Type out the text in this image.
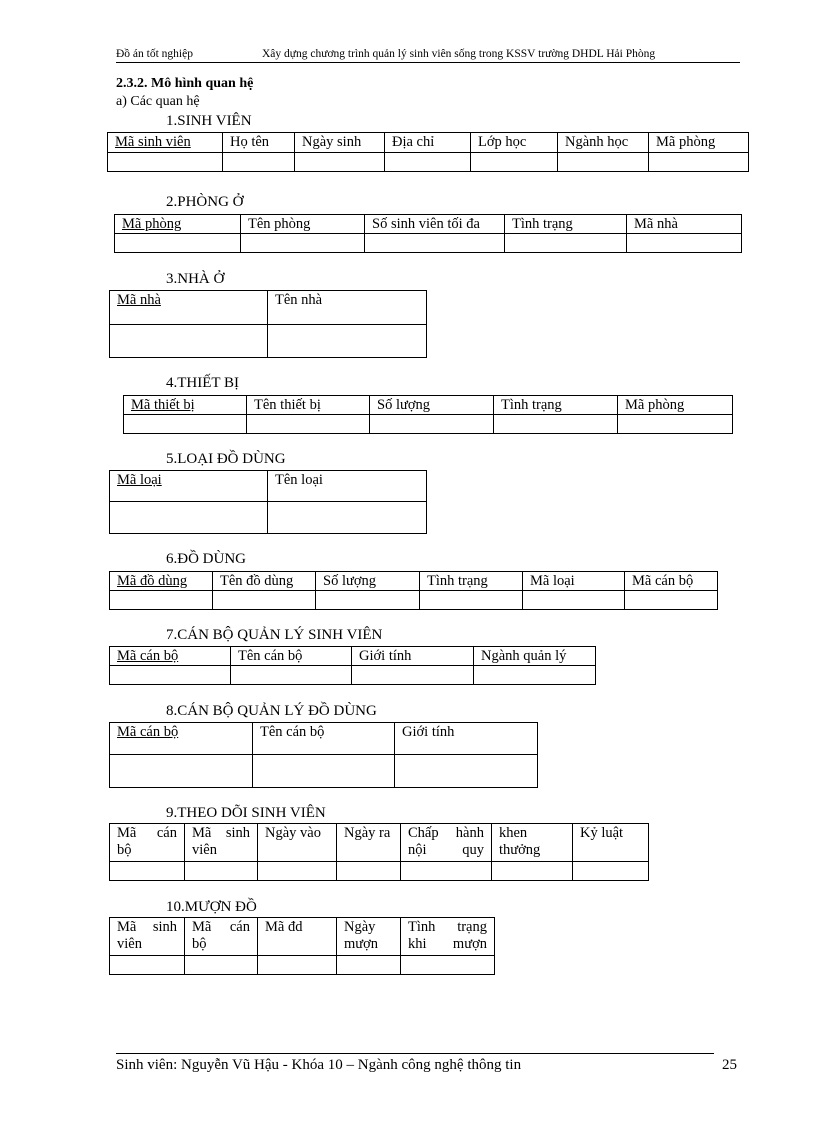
Đồ án tốt nghiệp	Xây dựng chương trình quản lý sinh viên sống trong KSSV trường DHDL Hải Phòng
2.3.2. Mô hình quan hệ
a) Các quan hệ
1.SINH VIÊN
Mã sinh viên	Họ tên	Ngày sinh	Địa chỉ	Lớp học	Ngành học	Mã phòng

2.PHÒNG Ở
Mã phòng	Tên phòng	Số sinh viên tối đa	Tình trạng	Mã nhà

3.NHÀ Ở
Mã nhà	Tên nhà

4.THIẾT BỊ
Mã thiết bị	Tên thiết bị	Số lượng	Tình trạng	Mã phòng

5.LOẠI ĐỒ DÙNG
Mã loại	Tên loại

6.ĐỒ DÙNG
Mã đồ dùng	Tên đồ dùng	Số lượng	Tình trạng	Mã loại	Mã cán bộ

7.CÁN BỘ QUẢN LÝ SINH VIÊN
Mã cán bộ	Tên cán bộ	Giới tính	Ngành quản lý

8.CÁN BỘ QUẢN LÝ ĐỒ DÙNG
Mã cán bộ	Tên cán bộ	Giới tính

9.THEO DÕI SINH VIÊN
Mã cán bộ	Mã sinh viên	Ngày vào	Ngày ra	Chấp hành nội quy	khen thưởng	Kỷ luật

10.MƯỢN ĐỒ
Mã sinh viên	Mã cán bộ	Mã đd	Ngày mượn	Tình trạng khi mượn

Sinh viên: Nguyễn Vũ Hậu - Khóa 10 – Ngành công nghệ thông tin	25
